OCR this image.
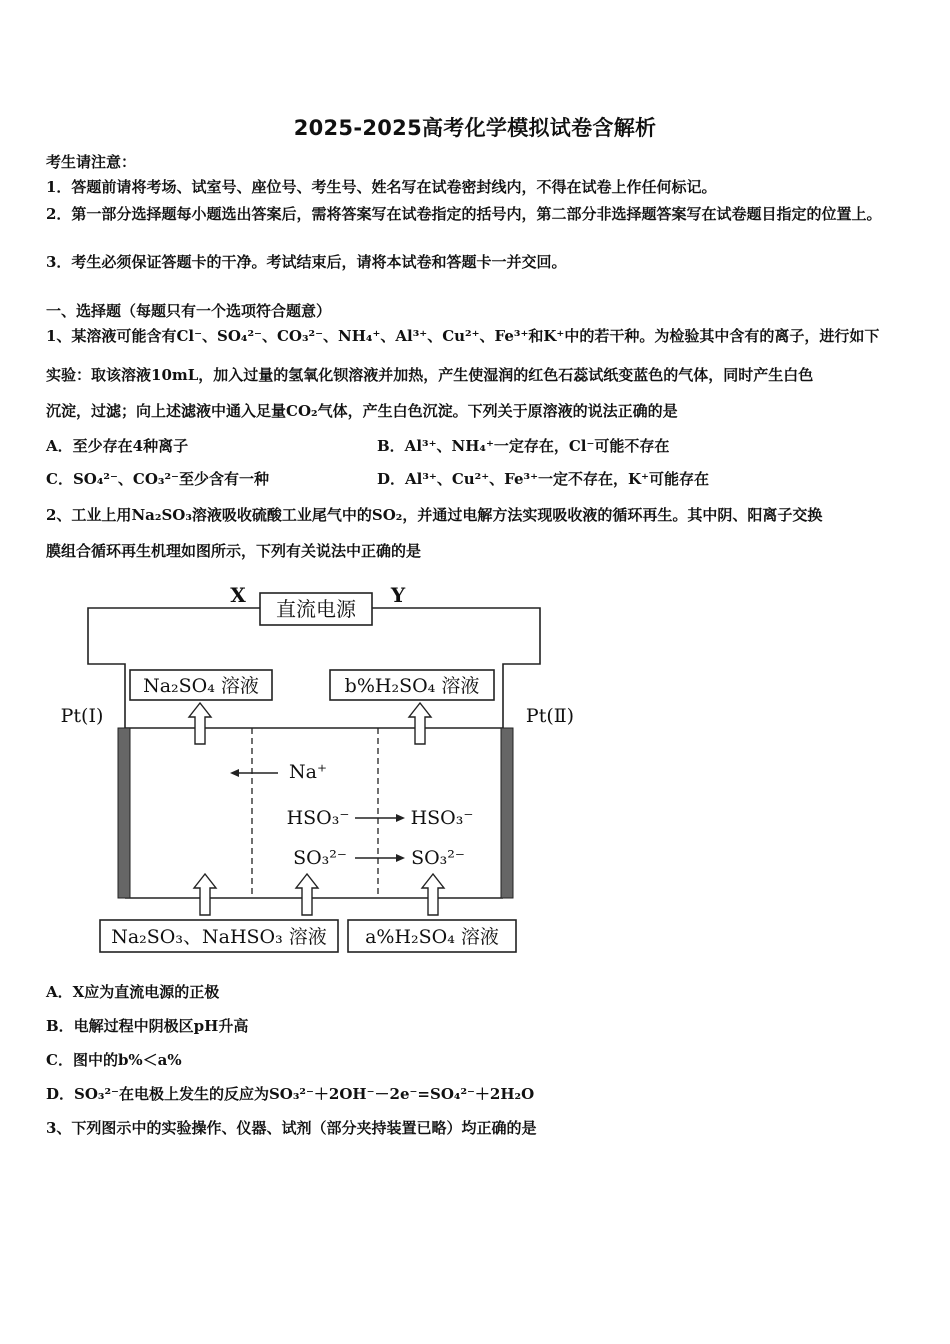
2025-2025高考化学模拟试卷含解析
考生请注意：
1．答题前请将考场、试室号、座位号、考生号、姓名写在试卷密封线内，不得在试卷上作任何标记。
2．第一部分选择题每小题选出答案后，需将答案写在试卷指定的括号内，第二部分非选择题答案写在试卷题目指定的位置上。
3．考生必须保证答题卡的干净。考试结束后，请将本试卷和答题卡一并交回。
一、选择题（每题只有一个选项符合题意）
1、某溶液可能含有Cl⁻、SO₄²⁻、CO₃²⁻、NH₄⁺、Al³⁺、Cu²⁺、Fe³⁺和K⁺中的若干种。为检验其中含有的离子，进行如下
实验：取该溶液10mL，加入过量的氢氧化钡溶液并加热，产生使湿润的红色石蕊试纸变蓝色的气体，同时产生白色
沉淀，过滤；向上述滤液中通入足量CO₂气体，产生白色沉淀。下列关于原溶液的说法正确的是
A．至少存在4种离子	B．Al³⁺、NH₄⁺一定存在，Cl⁻可能不存在
C．SO₄²⁻、CO₃²⁻至少含有一种	D．Al³⁺、Cu²⁺、Fe³⁺一定不存在，K⁺可能存在
2、工业上用Na₂SO₃溶液吸收硫酸工业尾气中的SO₂，并通过电解方法实现吸收液的循环再生。其中阴、阳离子交换
膜组合循环再生机理如图所示，下列有关说法中正确的是
直流电源
X	Y
Na₂SO₄ 溶液	b%H₂SO₄ 溶液
Pt(Ⅰ)	Pt(Ⅱ)
Na⁺
HSO₃⁻	HSO₃⁻
SO₃²⁻	SO₃²⁻
Na₂SO₃、NaHSO₃ 溶液 a%H₂SO₄ 溶液
A．X应为直流电源的正极
B．电解过程中阴极区pH升高
C．图中的b%＜a%
D．SO₃²⁻在电极上发生的反应为SO₃²⁻＋2OH⁻－2e⁻=SO₄²⁻＋2H₂O
3、下列图示中的实验操作、仪器、试剂（部分夹持装置已略）均正确的是
